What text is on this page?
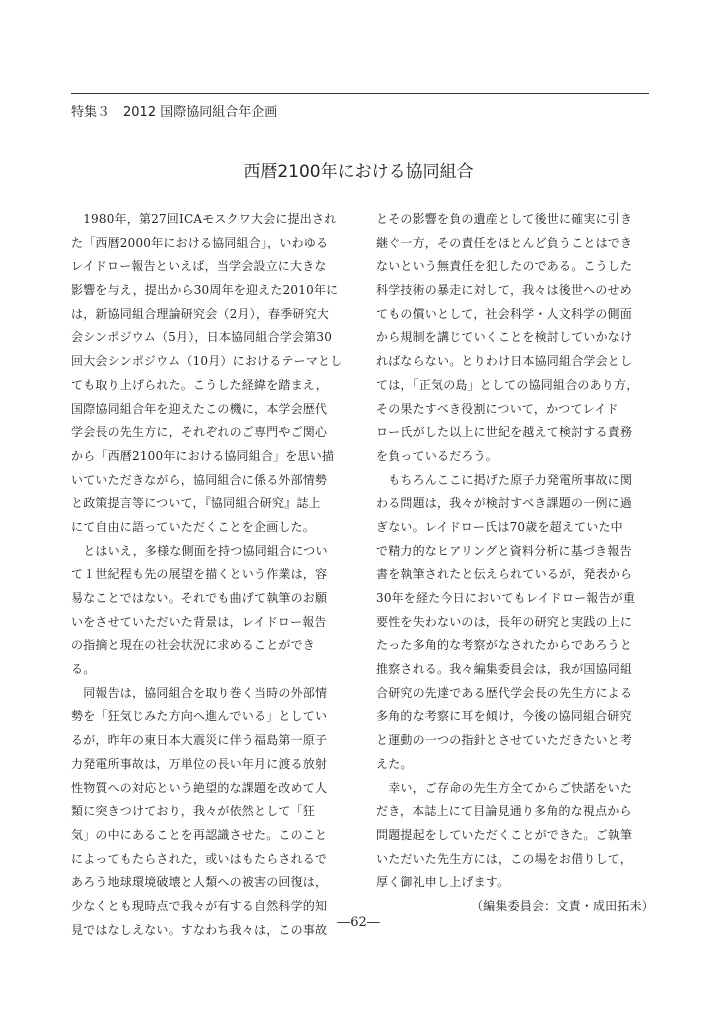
特集３　2012 国際協同組合年企画
西暦2100年における協同組合
　1980年，第27回ICAモスクワ大会に提出され
た「西暦2000年における協同組合」，いわゆる
レイドロー報告といえば，当学会設立に大きな
影響を与え，提出から30周年を迎えた2010年に
は，新協同組合理論研究会（2月），春季研究大
会シンポジウム（5月），日本協同組合学会第30
回大会シンポジウム（10月）におけるテーマとし
ても取り上げられた。こうした経緯を踏まえ，
国際協同組合年を迎えたこの機に，本学会歴代
学会長の先生方に，それぞれのご専門やご関心
から「西暦2100年における協同組合」を思い描
いていただきながら，協同組合に係る外部情勢
と政策提言等について，『協同組合研究』誌上
にて自由に語っていただくことを企画した。
　とはいえ，多様な側面を持つ協同組合につい
て１世紀程も先の展望を描くという作業は，容
易なことではない。それでも曲げて執筆のお願
いをさせていただいた背景は，レイドロー報告
の指摘と現在の社会状況に求めることができ
る。
　同報告は，協同組合を取り巻く当時の外部情
勢を「狂気じみた方向へ進んでいる」としてい
るが，昨年の東日本大震災に伴う福島第一原子
力発電所事故は，万単位の長い年月に渡る放射
性物質への対応という絶望的な課題を改めて人
類に突きつけており，我々が依然として「狂
気」の中にあることを再認識させた。このこと
によってもたらされた，或いはもたらされるで
あろう地球環境破壊と人類への被害の回復は，
少なくとも現時点で我々が有する自然科学的知
見ではなしえない。すなわち我々は，この事故
とその影響を負の遺産として後世に確実に引き
継ぐ一方，その責任をほとんど負うことはでき
ないという無責任を犯したのである。こうした
科学技術の暴走に対して，我々は後世へのせめ
てもの償いとして，社会科学・人文科学の側面
から規制を講じていくことを検討していかなけ
ればならない。とりわけ日本協同組合学会とし
ては，「正気の島」としての協同組合のあり方，
その果たすべき役割について，かつてレイド
ロー氏がした以上に世紀を越えて検討する責務
を負っているだろう。
　もちろんここに掲げた原子力発電所事故に関
わる問題は，我々が検討すべき課題の一例に過
ぎない。レイドロー氏は70歳を超えていた中
で精力的なヒアリングと資料分析に基づき報告
書を執筆されたと伝えられているが，発表から
30年を経た今日においてもレイドロー報告が重
要性を失わないのは，長年の研究と実践の上に
たった多角的な考察がなされたからであろうと
推察される。我々編集委員会は，我が国協同組
合研究の先達である歴代学会長の先生方による
多角的な考察に耳を傾け，今後の協同組合研究
と運動の一つの指針とさせていただきたいと考
えた。
　幸い，ご存命の先生方全てからご快諾をいた
だき，本誌上にて目論見通り多角的な視点から
問題提起をしていただくことができた。ご執筆
いただいた先生方には，この場をお借りして，
厚く御礼申し上げます。
（編集委員会：文責・成田拓未）
―62―
